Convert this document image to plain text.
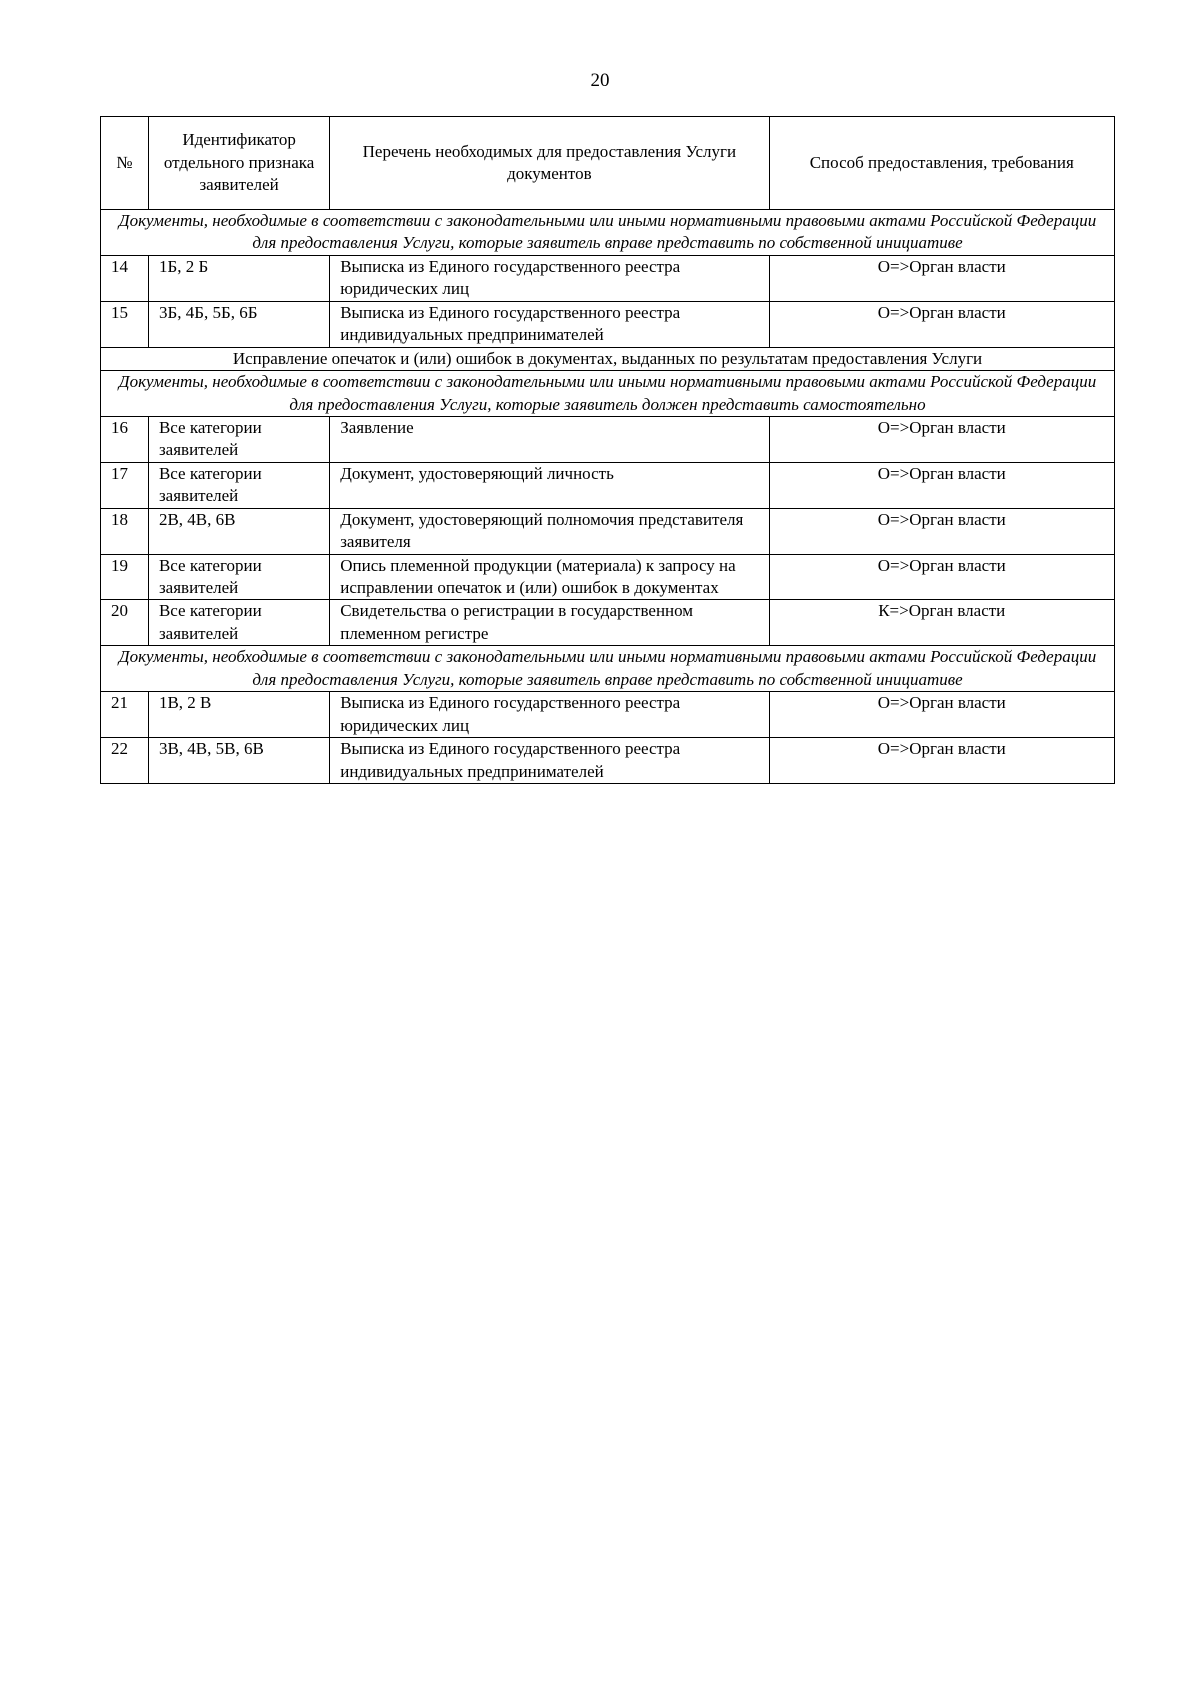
20
№	Идентификатор отдельного признака заявителей	Перечень необходимых для предоставления Услуги документов	Способ предоставления, требования
Документы, необходимые в соответствии с законодательными или иными нормативными правовыми актами Российской Федерации для предоставления Услуги, которые заявитель вправе представить по собственной инициативе			
14	1Б, 2 Б	Выписка из Единого государственного реестра юридических лиц	О=>Орган власти
15	3Б, 4Б, 5Б, 6Б	Выписка из Единого государственного реестра индивидуальных предпринимателей	О=>Орган власти
Исправление опечаток и (или) ошибок в документах, выданных по результатам предоставления Услуги			
Документы, необходимые в соответствии с законодательными или иными нормативными правовыми актами Российской Федерации для предоставления Услуги, которые заявитель должен представить самостоятельно			
16	Все категории заявителей	Заявление	О=>Орган власти
17	Все категории заявителей	Документ, удостоверяющий личность	О=>Орган власти
18	2В, 4В, 6В	Документ, удостоверяющий полномочия представителя заявителя	О=>Орган власти
19	Все категории заявителей	Опись племенной продукции (материала) к запросу на исправлении опечаток и (или) ошибок в документах	О=>Орган власти
20	Все категории заявителей	Свидетельства о регистрации в государственном племенном регистре	К=>Орган власти
Документы, необходимые в соответствии с законодательными или иными нормативными правовыми актами Российской Федерации для предоставления Услуги, которые заявитель вправе представить по собственной инициативе			
21	1В, 2 В	Выписка из Единого государственного реестра юридических лиц	О=>Орган власти
22	3В, 4В, 5В, 6В	Выписка из Единого государственного реестра индивидуальных предпринимателей	О=>Орган власти
